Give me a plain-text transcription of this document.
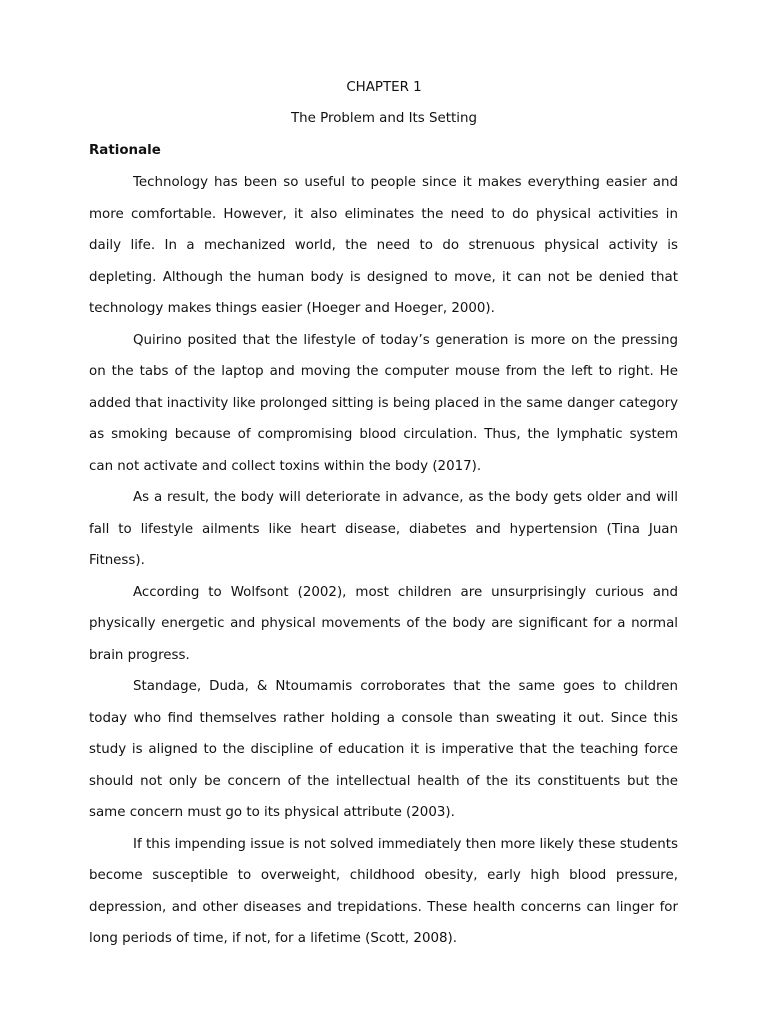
CHAPTER 1
The Problem and Its Setting
Rationale

Technology has been so useful to people since it makes everything easier and more comfortable. However, it also eliminates the need to do physical activities in daily life. In a mechanized world, the need to do strenuous physical activity is depleting. Although the human body is designed to move, it can not be denied that technology makes things easier (Hoeger and Hoeger, 2000).

Quirino posited that the lifestyle of today’s generation is more on the pressing on the tabs of the laptop and moving the computer mouse from the left to right. He added that inactivity like prolonged sitting is being placed in the same danger category as smoking because of compromising blood circulation. Thus, the lymphatic system can not activate and collect toxins within the body (2017).

As a result, the body will deteriorate in advance, as the body gets older and will fall to lifestyle ailments like heart disease, diabetes and hypertension (Tina Juan Fitness).

According to Wolfsont (2002), most children are unsurprisingly curious and physically energetic and physical movements of the body are significant for a normal brain progress.

Standage, Duda, & Ntoumamis corroborates that the same goes to children today who find themselves rather holding a console than sweating it out. Since this study is aligned to the discipline of education it is imperative that the teaching force should not only be concern of the intellectual health of the its constituents but the same concern must go to its physical attribute (2003).

If this impending issue is not solved immediately then more likely these students become susceptible to overweight, childhood obesity, early high blood pressure, depression, and other diseases and trepidations. These health concerns can linger for long periods of time, if not, for a lifetime (Scott, 2008).
